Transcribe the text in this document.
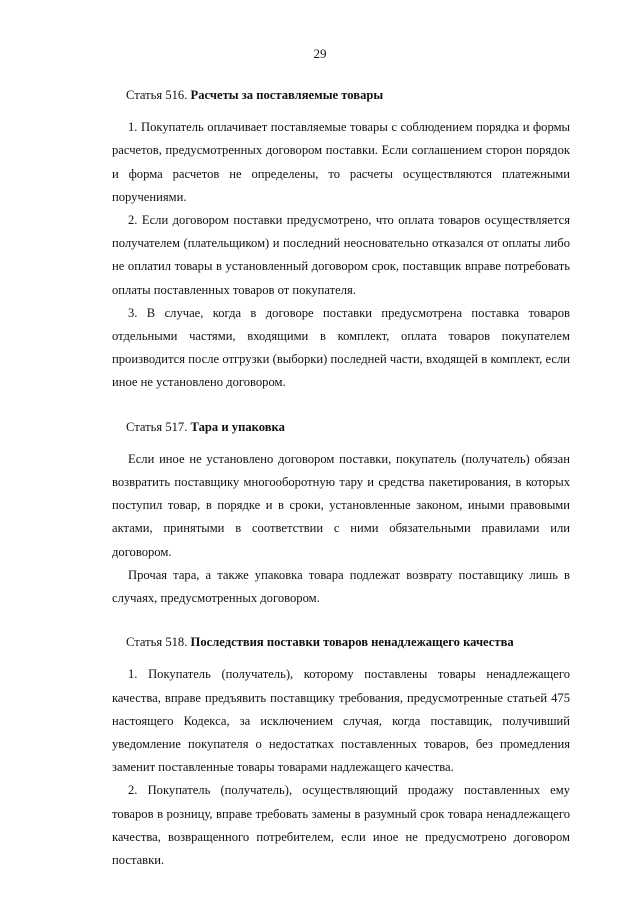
29
Статья 516. Расчеты за поставляемые товары

1. Покупатель оплачивает поставляемые товары с соблюдением порядка и формы расчетов, предусмотренных договором поставки. Если соглашением сторон порядок и форма расчетов не определены, то расчеты осуществляются платежными поручениями.

2. Если договором поставки предусмотрено, что оплата товаров осуществляется получателем (плательщиком) и последний неосновательно отказался от оплаты либо не оплатил товары в установленный договором срок, поставщик вправе потребовать оплаты поставленных товаров от покупателя.

3. В случае, когда в договоре поставки предусмотрена поставка товаров отдельными частями, входящими в комплект, оплата товаров покупателем производится после отгрузки (выборки) последней части, входящей в комплект, если иное не установлено договором.

Статья 517. Тара и упаковка

Если иное не установлено договором поставки, покупатель (получатель) обязан возвратить поставщику многооборотную тару и средства пакетирования, в которых поступил товар, в порядке и в сроки, установленные законом, иными правовыми актами, принятыми в соответствии с ними обязательными правилами или договором.

Прочая тара, а также упаковка товара подлежат возврату поставщику лишь в случаях, предусмотренных договором.

Статья 518. Последствия поставки товаров ненадлежащего качества

1. Покупатель (получатель), которому поставлены товары ненадлежащего качества, вправе предъявить поставщику требования, предусмотренные статьей 475 настоящего Кодекса, за исключением случая, когда поставщик, получивший уведомление покупателя о недостатках поставленных товаров, без промедления заменит поставленные товары товарами надлежащего качества.

2. Покупатель (получатель), осуществляющий продажу поставленных ему товаров в розницу, вправе требовать замены в разумный срок товара ненадлежащего качества, возвращенного потребителем, если иное не предусмотрено договором поставки.
